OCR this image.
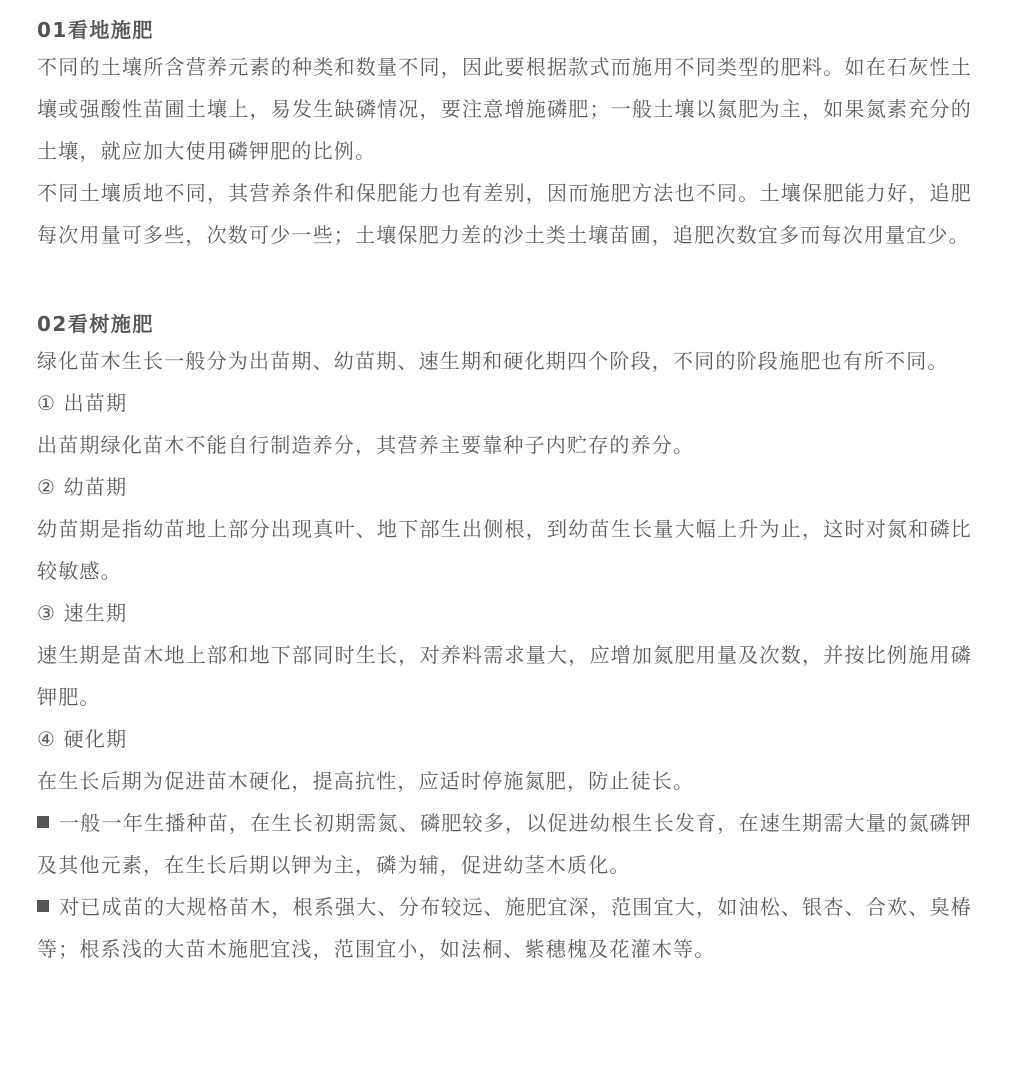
01看地施肥

不同的土壤所含营养元素的种类和数量不同，因此要根据款式而施用不同类型的肥料。如在石灰性土壤或强酸性苗圃土壤上，易发生缺磷情况，要注意增施磷肥；一般土壤以氮肥为主，如果氮素充分的土壤，就应加大使用磷钾肥的比例。

不同土壤质地不同，其营养条件和保肥能力也有差别，因而施肥方法也不同。土壤保肥能力好，追肥每次用量可多些，次数可少一些；土壤保肥力差的沙土类土壤苗圃，追肥次数宜多而每次用量宜少。

02看树施肥

绿化苗木生长一般分为出苗期、幼苗期、速生期和硬化期四个阶段，不同的阶段施肥也有所不同。

① 出苗期

出苗期绿化苗木不能自行制造养分，其营养主要靠种子内贮存的养分。

② 幼苗期

幼苗期是指幼苗地上部分出现真叶、地下部生出侧根，到幼苗生长量大幅上升为止，这时对氮和磷比较敏感。

③ 速生期

速生期是苗木地上部和地下部同时生长，对养料需求量大，应增加氮肥用量及次数，并按比例施用磷钾肥。

④ 硬化期

在生长后期为促进苗木硬化，提高抗性，应适时停施氮肥，防止徒长。

一般一年生播种苗，在生长初期需氮、磷肥较多，以促进幼根生长发育，在速生期需大量的氮磷钾及其他元素，在生长后期以钾为主，磷为辅，促进幼茎木质化。

对已成苗的大规格苗木，根系强大、分布较远、施肥宜深，范围宜大，如油松、银杏、合欢、臭椿等；根系浅的大苗木施肥宜浅，范围宜小，如法桐、紫穗槐及花灌木等。
